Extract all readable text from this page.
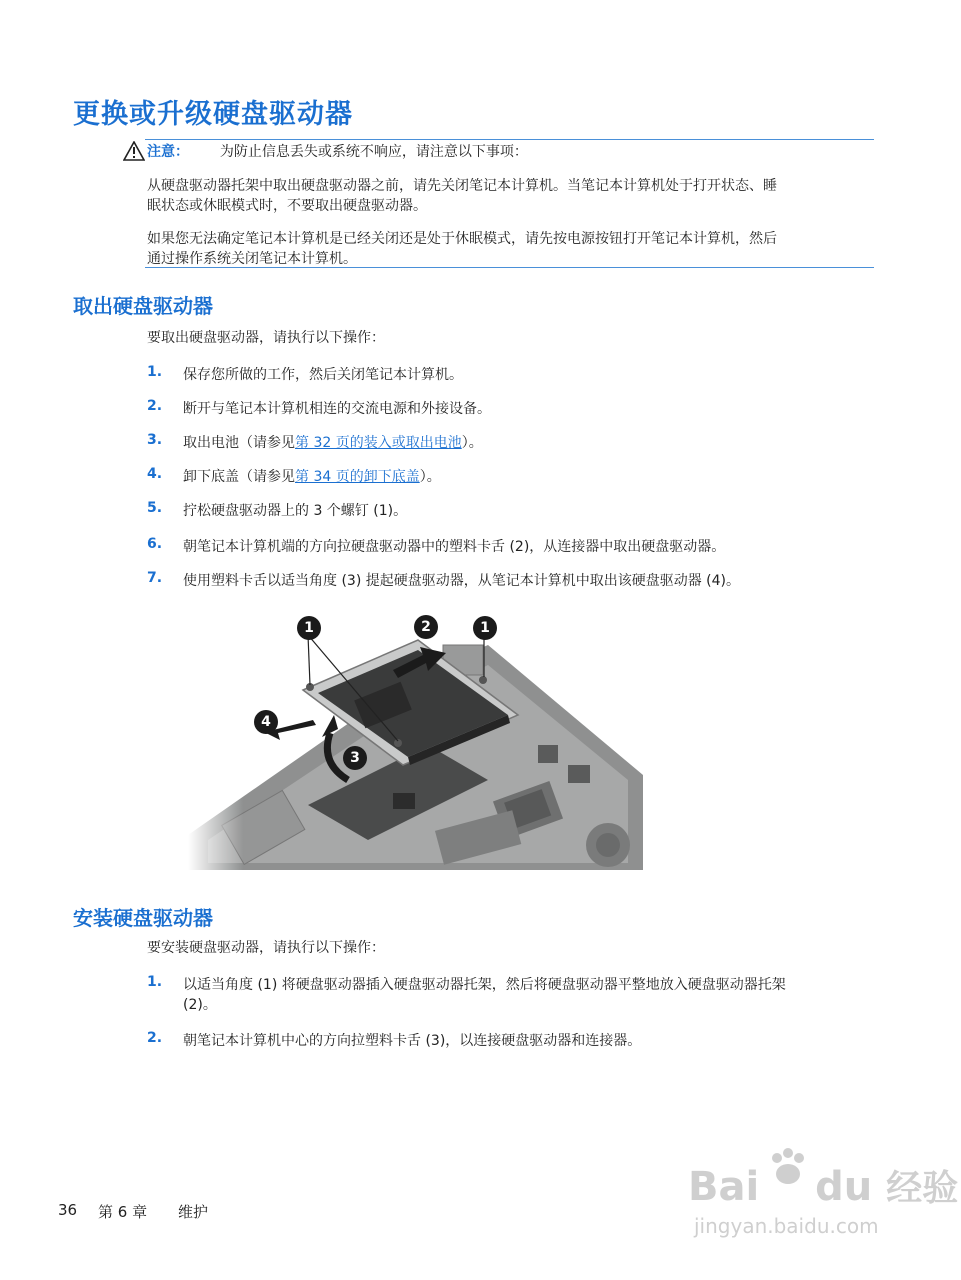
更换或升级硬盘驱动器
注意： 为防止信息丢失或系统不响应，请注意以下事项：
从硬盘驱动器托架中取出硬盘驱动器之前，请先关闭笔记本计算机。当笔记本计算机处于打开状态、睡
眠状态或休眠模式时，不要取出硬盘驱动器。
如果您无法确定笔记本计算机是已经关闭还是处于休眠模式，请先按电源按钮打开笔记本计算机，然后
通过操作系统关闭笔记本计算机。
取出硬盘驱动器
要取出硬盘驱动器，请执行以下操作：
1. 保存您所做的工作，然后关闭笔记本计算机。
2. 断开与笔记本计算机相连的交流电源和外接设备。
3. 取出电池（请参见第 32 页的装入或取出电池）。
4. 卸下底盖（请参见第 34 页的卸下底盖）。
5. 拧松硬盘驱动器上的 3 个螺钉 (1)。
6. 朝笔记本计算机端的方向拉硬盘驱动器中的塑料卡舌 (2)，从连接器中取出硬盘驱动器。
7. 使用塑料卡舌以适当角度 (3) 提起硬盘驱动器，从笔记本计算机中取出该硬盘驱动器 (4)。
1	2	1
4
3
安装硬盘驱动器
要安装硬盘驱动器，请执行以下操作：
1. 以适当角度 (1) 将硬盘驱动器插入硬盘驱动器托架，然后将硬盘驱动器平整地放入硬盘驱动器托架
(2)。
2. 朝笔记本计算机中心的方向拉塑料卡舌 (3)，以连接硬盘驱动器和连接器。
36 第 6 章 维护
Bai du 经验
jingyan.baidu.com
